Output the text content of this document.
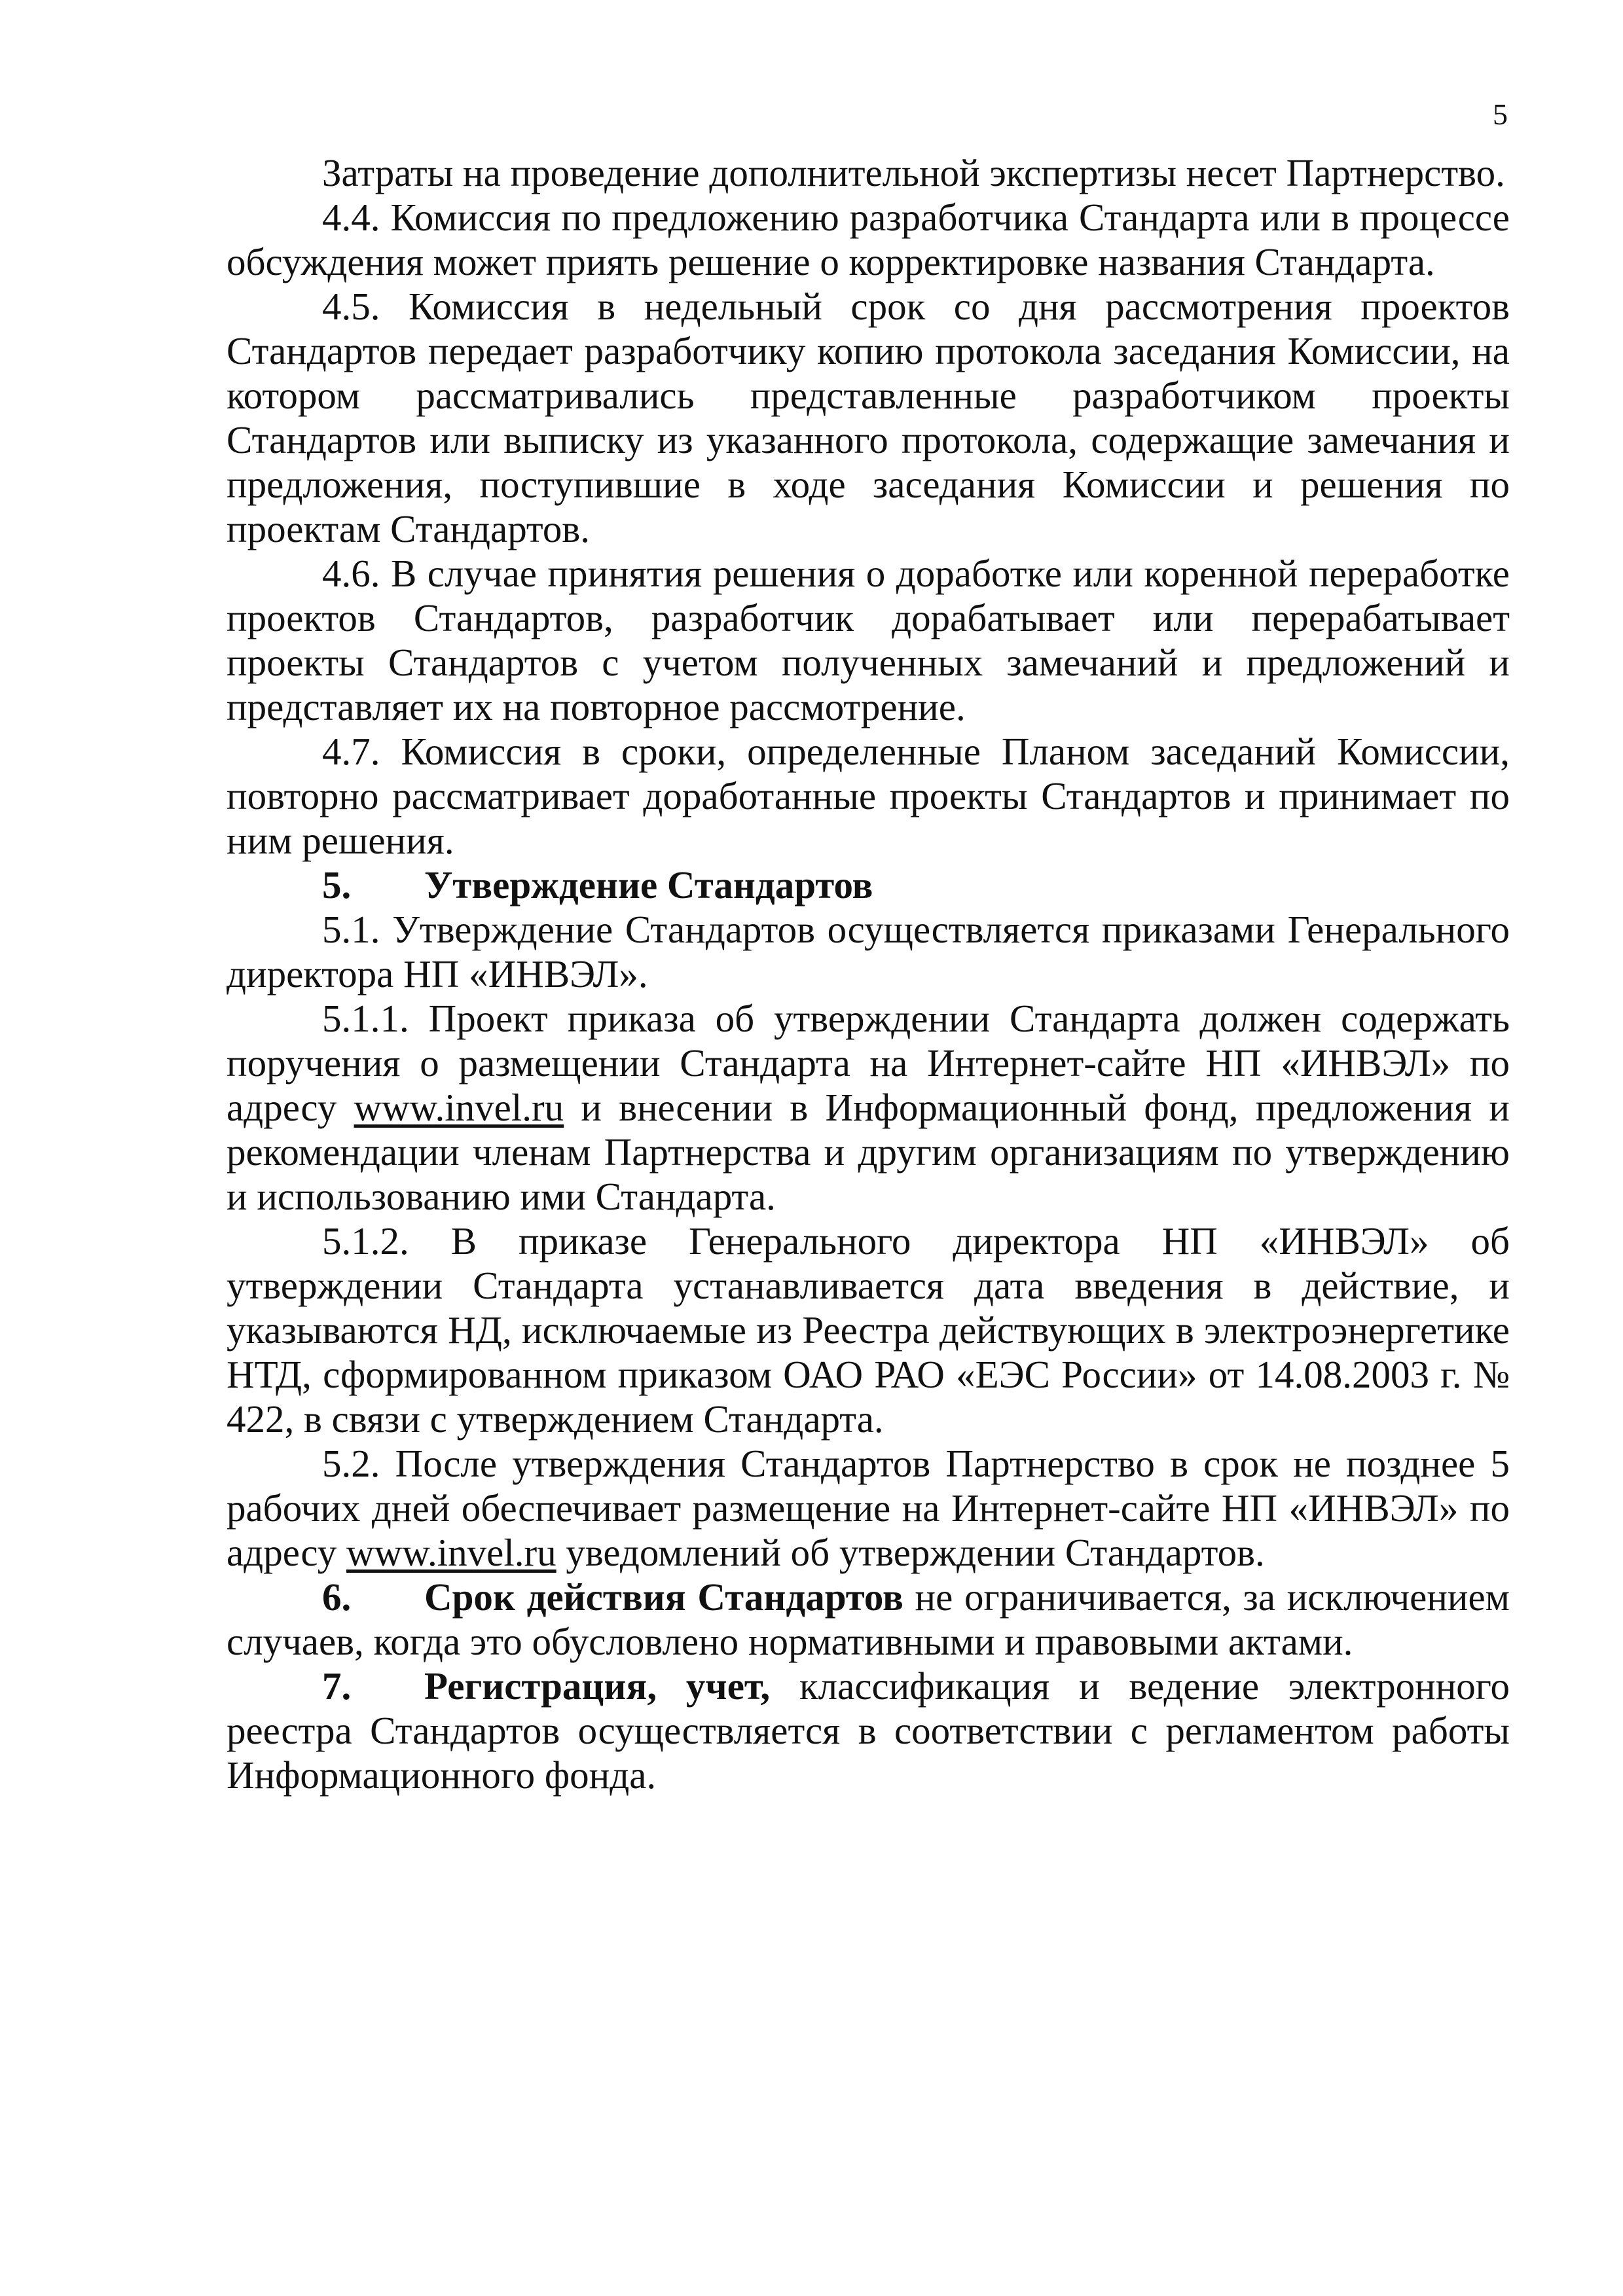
5

Затраты на проведение дополнительной экспертизы несет Партнерство.

4.4. Комиссия по предложению разработчика Стандарта или в процессе обсуждения может приять решение о корректировке названия Стандарта.

4.5. Комиссия в недельный срок со дня рассмотрения проектов Стандартов передает разработчику копию протокола заседания Комиссии, на котором рассматривались представленные разработчиком проекты Стандартов или выписку из указанного протокола, содержащие замечания и предложения, поступившие в ходе заседания Комиссии и решения по проектам Стандартов.

4.6. В случае принятия решения о доработке или коренной переработке проектов Стандартов, разработчик дорабатывает или перерабатывает проекты Стандартов с учетом полученных замечаний и предложений и представляет их на повторное рассмотрение.

4.7. Комиссия в сроки, определенные Планом заседаний Комиссии, повторно рассматривает доработанные проекты Стандартов и принимает по ним решения.

5. Утверждение Стандартов

5.1. Утверждение Стандартов осуществляется приказами Генерального директора НП «ИНВЭЛ».

5.1.1. Проект приказа об утверждении Стандарта должен содержать поручения о размещении Стандарта на Интернет-сайте НП «ИНВЭЛ» по адресу www.invel.ru и внесении в Информационный фонд, предложения и рекомендации членам Партнерства и другим организациям по утверждению и использованию ими Стандарта.

5.1.2. В приказе Генерального директора НП «ИНВЭЛ» об утверждении Стандарта устанавливается дата введения в действие, и указываются НД, исключаемые из Реестра действующих в электроэнергетике НТД, сформированном приказом ОАО РАО «ЕЭС России» от 14.08.2003 г. № 422, в связи с утверждением Стандарта.

5.2. После утверждения Стандартов Партнерство в срок не позднее 5 рабочих дней обеспечивает размещение на Интернет-сайте НП «ИНВЭЛ» по адресу www.invel.ru уведомлений об утверждении Стандартов.

6. Срок действия Стандартов не ограничивается, за исключением случаев, когда это обусловлено нормативными и правовыми актами.

7. Регистрация, учет, классификация и ведение электронного реестра Стандартов осуществляется в соответствии с регламентом работы Информационного фонда.
